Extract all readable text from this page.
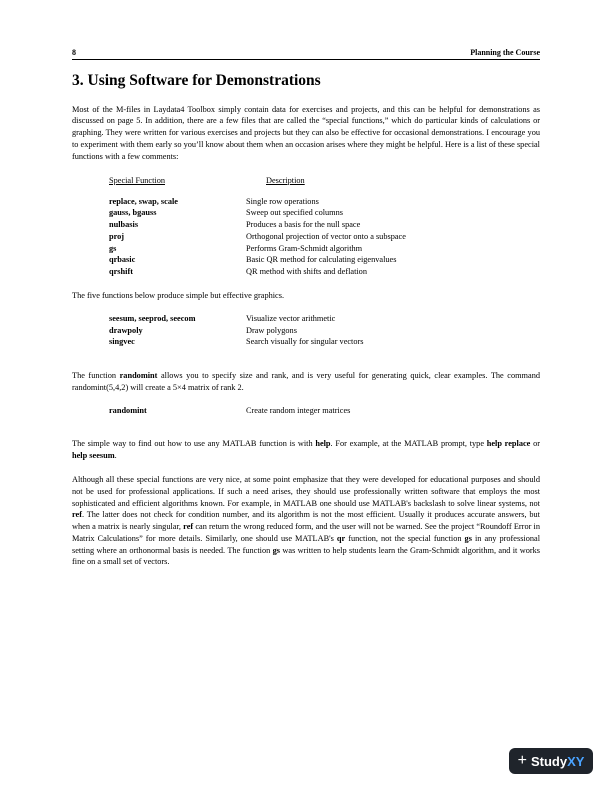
8	Planning the Course
3. Using Software for Demonstrations

Most of the M-files in Laydata4 Toolbox simply contain data for exercises and projects, and this can be helpful for demonstrations as discussed on page 5. In addition, there are a few files that are called the “special functions,” which do particular kinds of calculations or graphing. They were written for various exercises and projects but they can also be effective for occasional demonstrations. I encourage you to experiment with them early so you’ll know about them when an occasion arises where they might be helpful. Here is a list of these special functions with a few comments:

Special Function	Description
replace, swap, scale	Single row operations
gauss, bgauss	Sweep out specified columns
nulbasis	Produces a basis for the null space
proj	Orthogonal projection of vector onto a subspace
gs	Performs Gram-Schmidt algorithm
qrbasic	Basic QR method for calculating eigenvalues
qrshift	QR method with shifts and deflation

The five functions below produce simple but effective graphics.

seesum, seeprod, seecom	Visualize vector arithmetic
drawpoly	Draw polygons
singvec	Search visually for singular vectors

The function randomint allows you to specify size and rank, and is very useful for generating quick, clear examples. The command randomint(5,4,2) will create a 5×4 matrix of rank 2.

randomint	Create random integer matrices

The simple way to find out how to use any MATLAB function is with help. For example, at the MATLAB prompt, type help replace or help seesum.

Although all these special functions are very nice, at some point emphasize that they were developed for educational purposes and should not be used for professional applications. If such a need arises, they should use professionally written software that employs the most sophisticated and efficient algorithms known. For example, in MATLAB one should use MATLAB's backslash to solve linear systems, not ref. The latter does not check for condition number, and its algorithm is not the most efficient. Usually it produces accurate answers, but when a matrix is nearly singular, ref can return the wrong reduced form, and the user will not be warned. See the project “Roundoff Error in Matrix Calculations” for more details. Similarly, one should use MATLAB's qr function, not the special function gs in any professional setting where an orthonormal basis is needed. The function gs was written to help students learn the Gram-Schmidt algorithm, and it works fine on a small set of vectors.

+ Study XY
